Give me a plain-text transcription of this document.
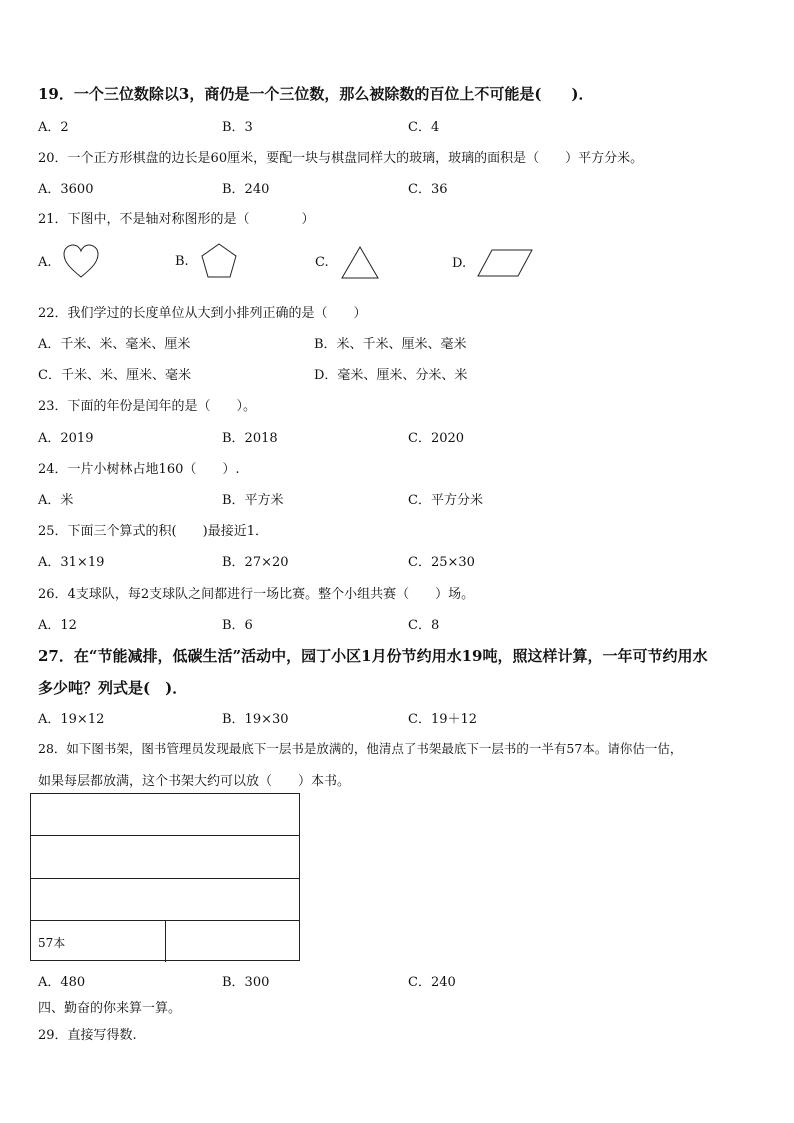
19．一个三位数除以3，商仍是一个三位数，那么被除数的百位上不可能是(　　)．
A．2	B．3	C．4
20．一个正方形棋盘的边长是60厘米，要配一块与棋盘同样大的玻璃，玻璃的面积是（　　）平方分米。
A．3600	B．240	C．36
21．下图中，不是轴对称图形的是（　　　　）
A.	B.	C.	D.
22．我们学过的长度单位从大到小排列正确的是（　　）
A．千米、米、毫米、厘米	B．米、千米、厘米、毫米
C．千米、米、厘米、毫米	D．毫米、厘米、分米、米
23．下面的年份是闰年的是（　　）。
A．2019	B．2018	C．2020
24．一片小树林占地160（　　）.
A．米	B．平方米	C．平方分米
25．下面三个算式的积(　　)最接近1．
A．31×19	B．27×20	C．25×30
26．4支球队，每2支球队之间都进行一场比赛。整个小组共赛（　　）场。
A．12	B．6	C．8
27．在“节能减排，低碳生活”活动中，园丁小区1月份节约用水19吨，照这样计算，一年可节约用水
多少吨？列式是(　)．
A．19×12	B．19×30	C．19＋12
28．如下图书架，图书管理员发现最底下一层书是放满的，他清点了书架最底下一层书的一半有57本。请你估一估，
如果每层都放满，这个书架大约可以放（　　）本书。
57本
A．480	B．300	C．240
四、勤奋的你来算一算。
29．直接写得数.
